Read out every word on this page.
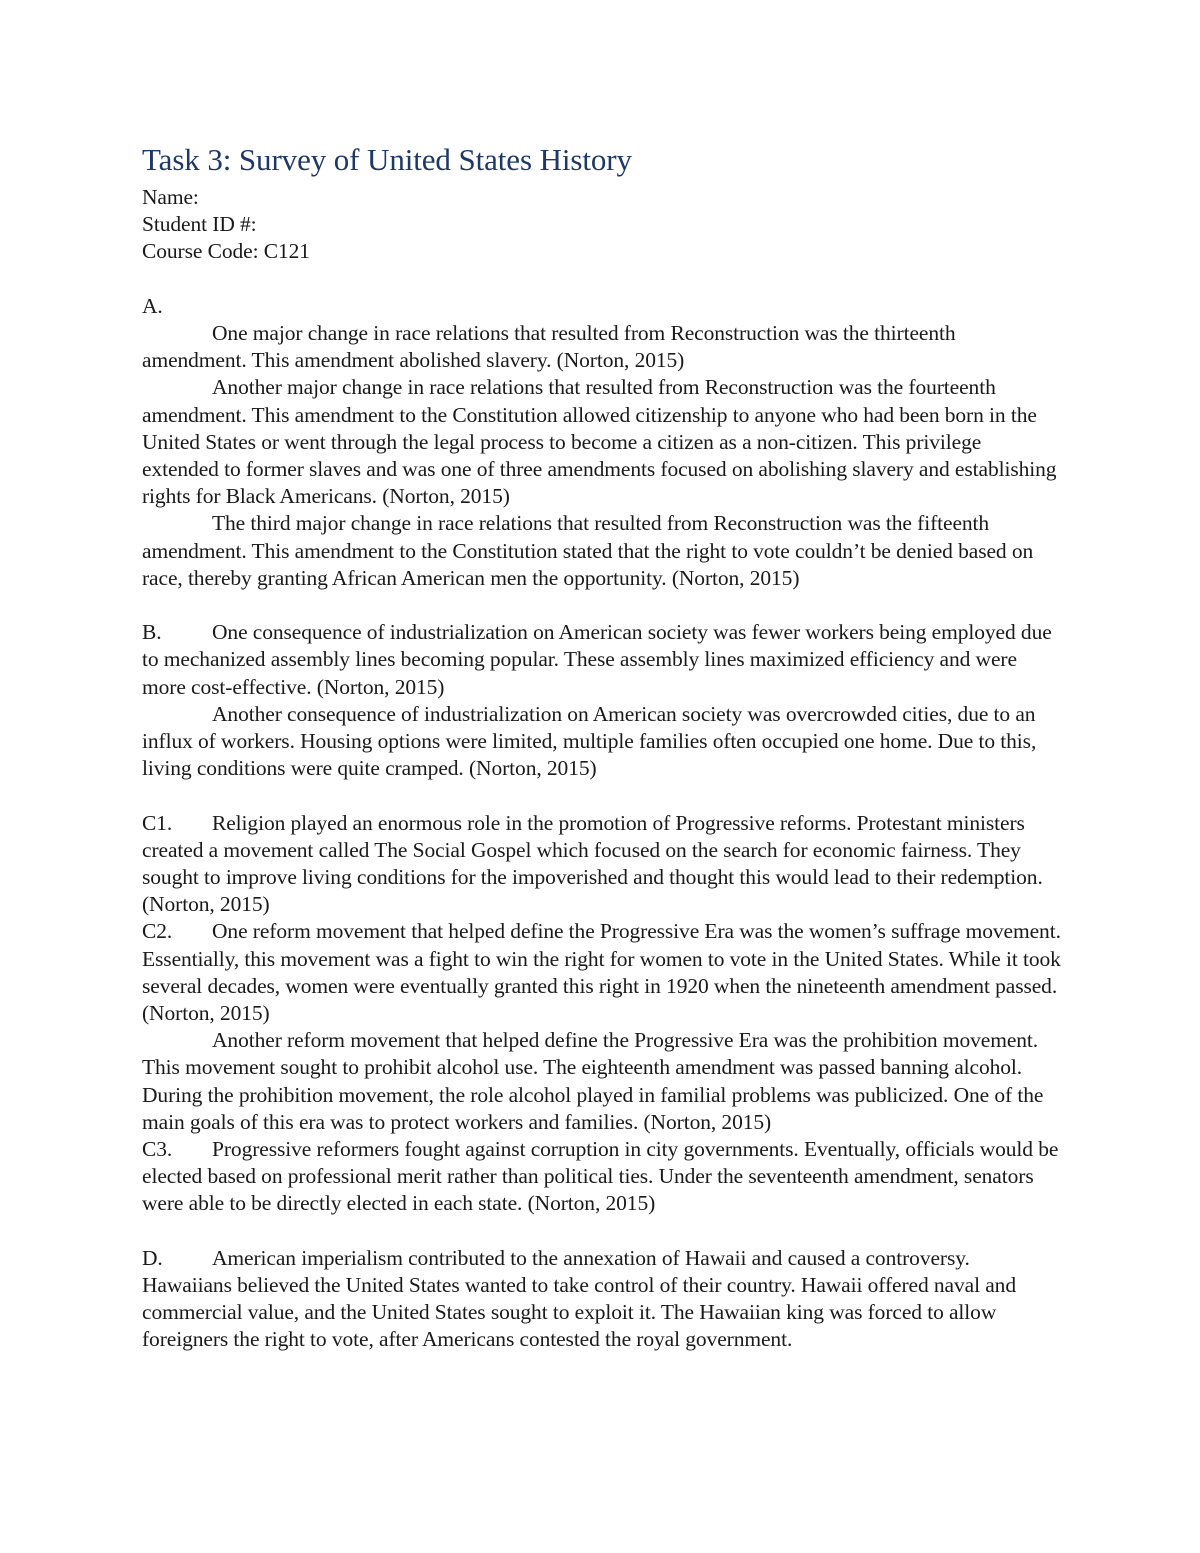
Task 3: Survey of United States History

Name:

Student ID #:

Course Code: C121

A.

One major change in race relations that resulted from Reconstruction was the thirteenth amendment. This amendment abolished slavery. (Norton, 2015)

Another major change in race relations that resulted from Reconstruction was the fourteenth amendment. This amendment to the Constitution allowed citizenship to anyone who had been born in the United States or went through the legal process to become a citizen as a non-citizen. This privilege extended to former slaves and was one of three amendments focused on abolishing slavery and establishing rights for Black Americans. (Norton, 2015)

The third major change in race relations that resulted from Reconstruction was the fifteenth amendment. This amendment to the Constitution stated that the right to vote couldn’t be denied based on race, thereby granting African American men the opportunity. (Norton, 2015)

B. One consequence of industrialization on American society was fewer workers being employed due to mechanized assembly lines becoming popular. These assembly lines maximized efficiency and were more cost-effective. (Norton, 2015)

Another consequence of industrialization on American society was overcrowded cities, due to an influx of workers. Housing options were limited, multiple families often occupied one home. Due to this, living conditions were quite cramped. (Norton, 2015)

C1. Religion played an enormous role in the promotion of Progressive reforms. Protestant ministers created a movement called The Social Gospel which focused on the search for economic fairness. They sought to improve living conditions for the impoverished and thought this would lead to their redemption. (Norton, 2015)

C2. One reform movement that helped define the Progressive Era was the women’s suffrage movement. Essentially, this movement was a fight to win the right for women to vote in the United States. While it took several decades, women were eventually granted this right in 1920 when the nineteenth amendment passed. (Norton, 2015)

Another reform movement that helped define the Progressive Era was the prohibition movement. This movement sought to prohibit alcohol use. The eighteenth amendment was passed banning alcohol. During the prohibition movement, the role alcohol played in familial problems was publicized. One of the main goals of this era was to protect workers and families. (Norton, 2015)

C3. Progressive reformers fought against corruption in city governments. Eventually, officials would be elected based on professional merit rather than political ties. Under the seventeenth amendment, senators were able to be directly elected in each state. (Norton, 2015)

D. American imperialism contributed to the annexation of Hawaii and caused a controversy. Hawaiians believed the United States wanted to take control of their country. Hawaii offered naval and commercial value, and the United States sought to exploit it. The Hawaiian king was forced to allow foreigners the right to vote, after Americans contested the royal government.
